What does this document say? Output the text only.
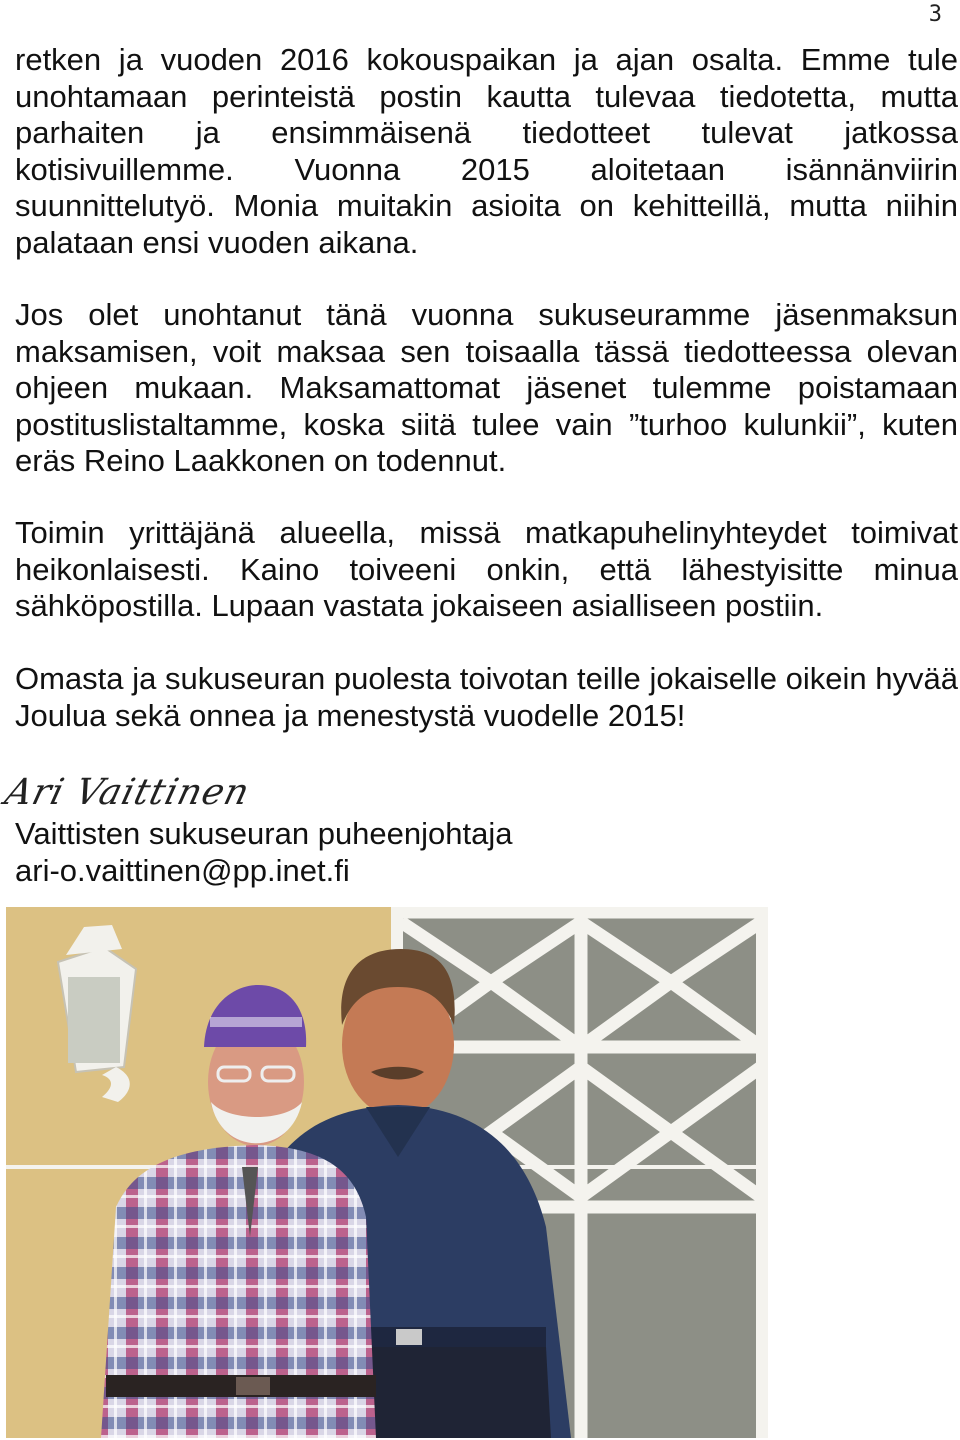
3

retken ja vuoden 2016 kokouspaikan ja ajan osalta. Emme tule unohtamaan perinteistä postin kautta tulevaa tiedotetta, mutta parhaiten ja ensimmäisenä tiedotteet tulevat jatkossa kotisivuillemme. Vuonna 2015 aloitetaan isännänviirin suunnittelutyö. Monia muitakin asioita on kehitteillä, mutta niihin palataan ensi vuoden aikana.

Jos olet unohtanut tänä vuonna sukuseuramme jäsenmaksun maksamisen, voit maksaa sen toisaalla tässä tiedotteessa olevan ohjeen mukaan. Maksamattomat jäsenet tulemme poistamaan postituslistaltamme, koska siitä tulee vain ”turhoo kulunkii”, kuten eräs Reino Laakkonen on todennut.

Toimin yrittäjänä alueella, missä matkapuhelinyhteydet toimivat heikonlaisesti. Kaino toiveeni onkin, että lähestyisitte minua sähköpostilla. Lupaan vastata jokaiseen asialliseen postiin.

Omasta ja sukuseuran puolesta toivotan teille jokaiselle oikein hyvää Joulua sekä onnea ja menestystä vuodelle 2015!

Ari Vaittinen
Vaittisten sukuseuran puheenjohtaja
ari-o.vaittinen@pp.inet.fi
